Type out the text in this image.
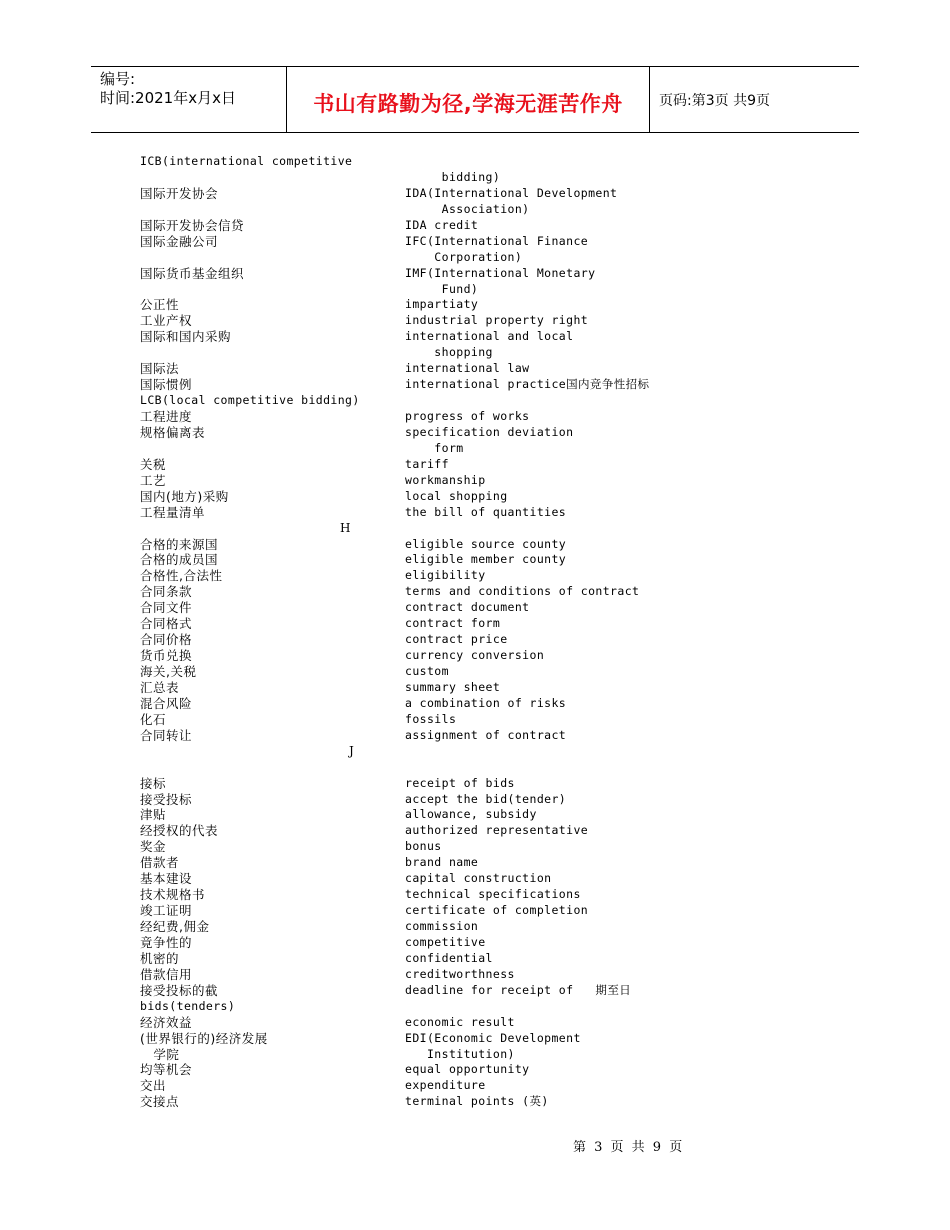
编号:
时间:2021年x月x日	书山有路勤为径,学海无涯苦作舟	页码:第3页 共9页
ICB(international competitive
bidding)
国际开发协会	IDA(International Development
Association)
国际开发协会信贷	IDA credit
国际金融公司	IFC(International Finance
Corporation)
国际货币基金组织	IMF(International Monetary
Fund)
公正性	impartiaty
工业产权	industrial property right
国际和国内采购	international and local
shopping
国际法	international law
国际惯例	international practice国内竞争性招标
LCB(local competitive bidding)
工程进度	progress of works
规格偏离表	specification deviation
form
关税	tariff
工艺	workmanship
国内(地方)采购	local shopping
工程量清单	the bill of quantities
H
合格的来源国	eligible source county
合格的成员国	eligible member county
合格性,合法性	eligibility
合同条款	terms and conditions of contract
合同文件	contract document
合同格式	contract form
合同价格	contract price
货币兑换	currency conversion
海关,关税	custom
汇总表	summary sheet
混合风险	a combination of risks
化石	fossils
合同转让	assignment of contract
J
接标	receipt of bids
接受投标	accept the bid(tender)
津贴	allowance, subsidy
经授权的代表	authorized representative
奖金	bonus
借款者	brand name
基本建设	capital construction
技术规格书	technical specifications
竣工证明	certificate of completion
经纪费,佣金	commission
竟争性的	competitive
机密的	confidential
借款信用	creditworthness
接受投标的截	deadline for receipt of   期至日
bids(tenders)
经济效益	economic result
(世界银行的)经济发展	EDI(Economic Development
学院	Institution)
均等机会	equal opportunity
交出	expenditure
交接点	terminal points (英)
第 3 页 共 9 页
